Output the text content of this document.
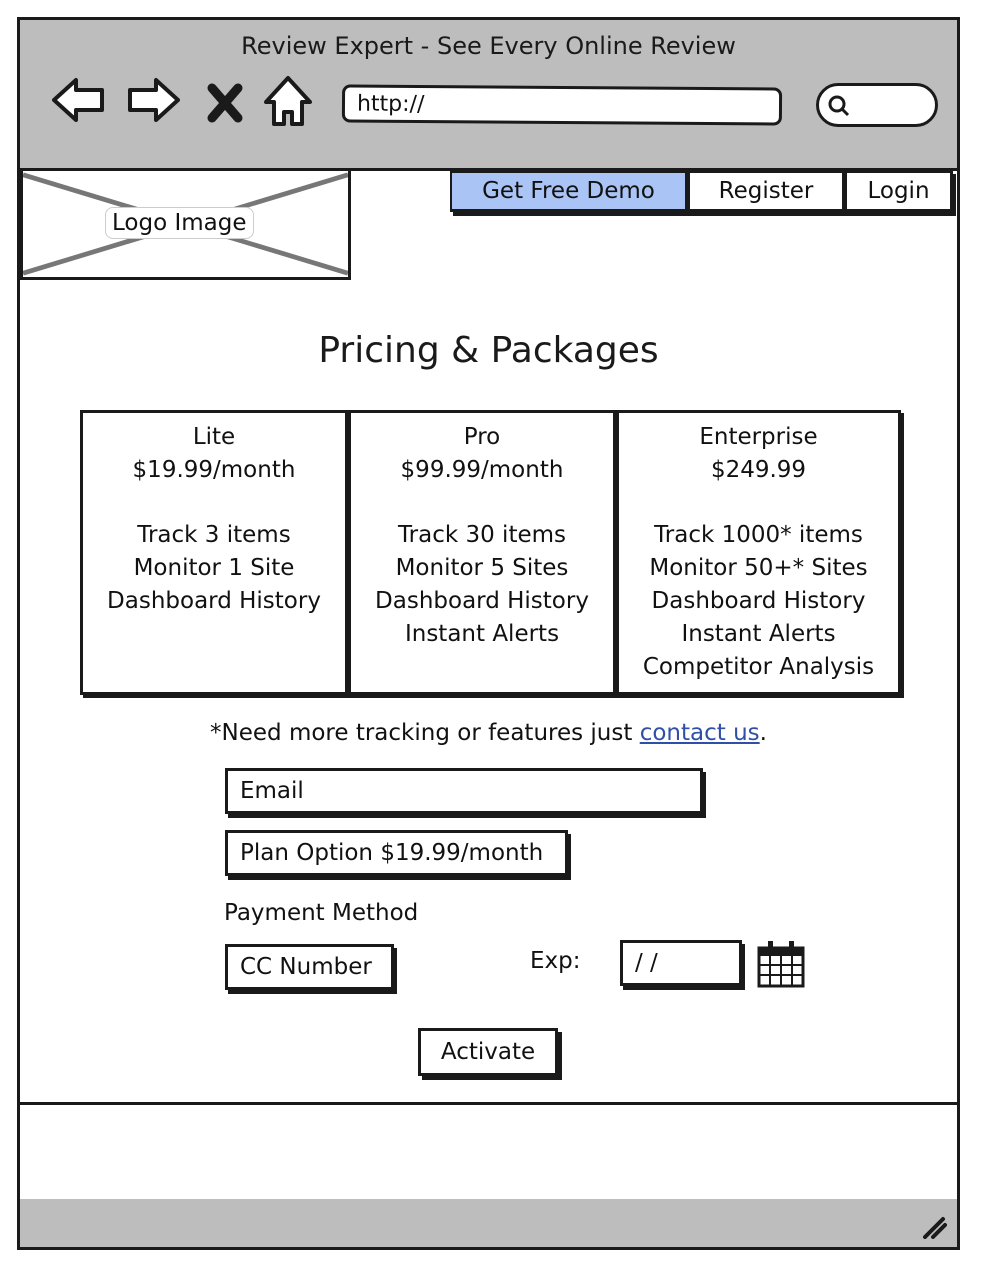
Review Expert - See Every Online Review
http://
Logo Image
Get Free Demo	Register	Login
Pricing & Packages
Lite
$19.99/month
Track 3 items
Monitor 1 Site
Dashboard History
Pro
$99.99/month
Track 30 items
Monitor 5 Sites
Dashboard History
Instant Alerts
Enterprise
$249.99
Track 1000* items
Monitor 50+* Sites
Dashboard History
Instant Alerts
Competitor Analysis
*Need more tracking or features just contact us.
Email
Plan Option $19.99/month
Payment Method
CC Number	Exp:	/ /
Activate
